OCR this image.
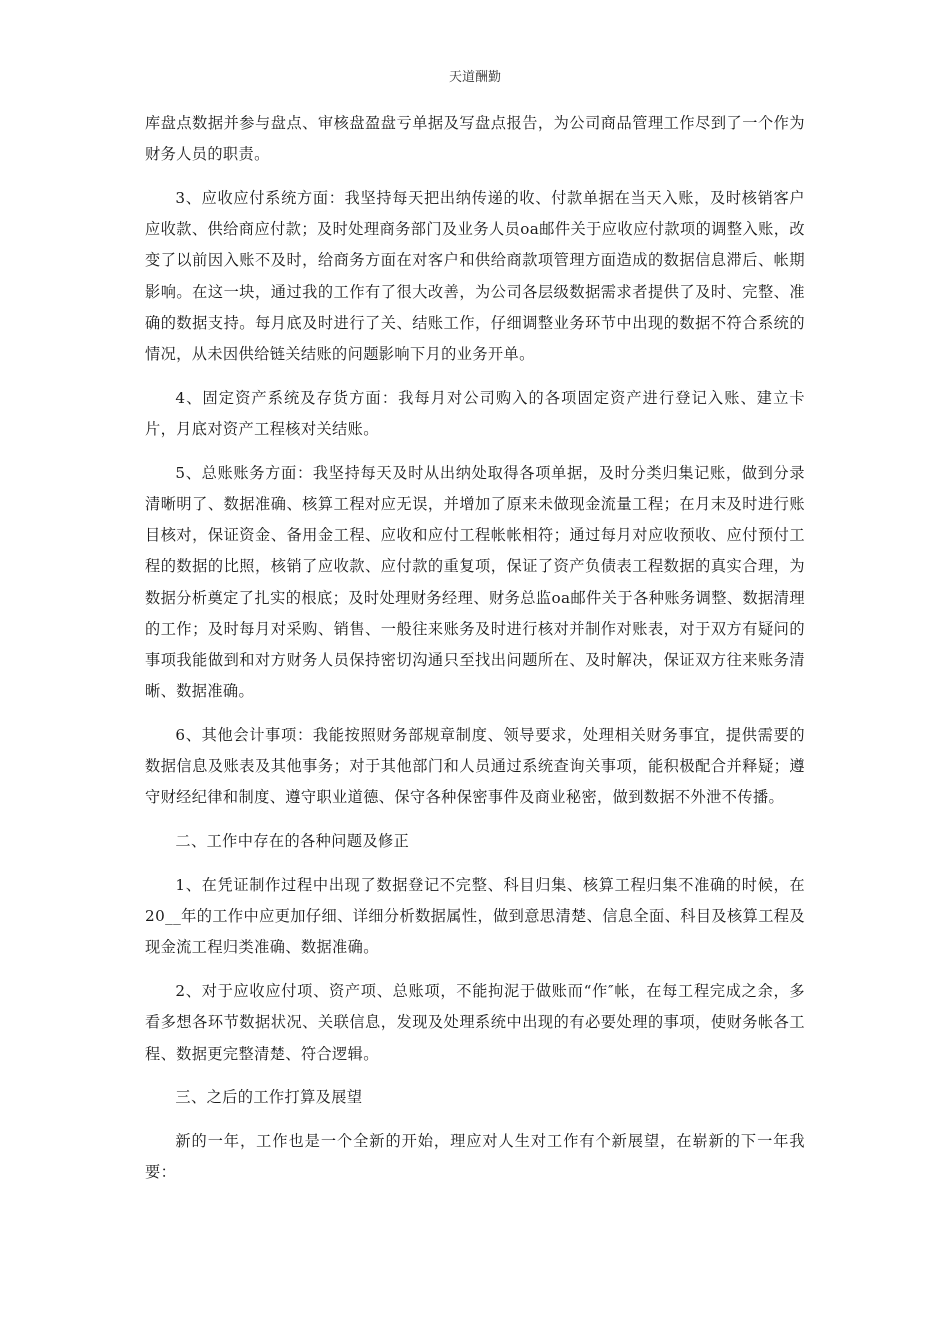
天道酬勤

库盘点数据并参与盘点、审核盘盈盘亏单据及写盘点报告，为公司商品管理工作尽到了一个作为财务人员的职责。

3、应收应付系统方面：我坚持每天把出纳传递的收、付款单据在当天入账，及时核销客户应收款、供给商应付款；及时处理商务部门及业务人员oa邮件关于应收应付款项的调整入账，改变了以前因入账不及时，给商务方面在对客户和供给商款项管理方面造成的数据信息滞后、帐期影响。在这一块，通过我的工作有了很大改善，为公司各层级数据需求者提供了及时、完整、准确的数据支持。每月底及时进行了关、结账工作，仔细调整业务环节中出现的数据不符合系统的情况，从未因供给链关结账的问题影响下月的业务开单。

4、固定资产系统及存货方面：我每月对公司购入的各项固定资产进行登记入账、建立卡片，月底对资产工程核对关结账。

5、总账账务方面：我坚持每天及时从出纳处取得各项单据，及时分类归集记账，做到分录清晰明了、数据准确、核算工程对应无误，并增加了原来未做现金流量工程；在月末及时进行账目核对，保证资金、备用金工程、应收和应付工程帐帐相符；通过每月对应收预收、应付预付工程的数据的比照，核销了应收款、应付款的重复项，保证了资产负债表工程数据的真实合理，为数据分析奠定了扎实的根底；及时处理财务经理、财务总监oa邮件关于各种账务调整、数据清理的工作；及时每月对采购、销售、一般往来账务及时进行核对并制作对账表，对于双方有疑问的事项我能做到和对方财务人员保持密切沟通只至找出问题所在、及时解决，保证双方往来账务清晰、数据准确。

6、其他会计事项：我能按照财务部规章制度、领导要求，处理相关财务事宜，提供需要的数据信息及账表及其他事务；对于其他部门和人员通过系统查询关事项，能积极配合并释疑；遵守财经纪律和制度、遵守职业道德、保守各种保密事件及商业秘密，做到数据不外泄不传播。

二、工作中存在的各种问题及修正

1、在凭证制作过程中出现了数据登记不完整、科目归集、核算工程归集不准确的时候，在20__年的工作中应更加仔细、详细分析数据属性，做到意思清楚、信息全面、科目及核算工程及现金流工程归类准确、数据准确。

2、对于应收应付项、资产项、总账项，不能拘泥于做账而“作″帐，在每工程完成之余，多看多想各环节数据状况、关联信息，发现及处理系统中出现的有必要处理的事项，使财务帐各工程、数据更完整清楚、符合逻辑。

三、之后的工作打算及展望

新的一年，工作也是一个全新的开始，理应对人生对工作有个新展望，在崭新的下一年我要：
